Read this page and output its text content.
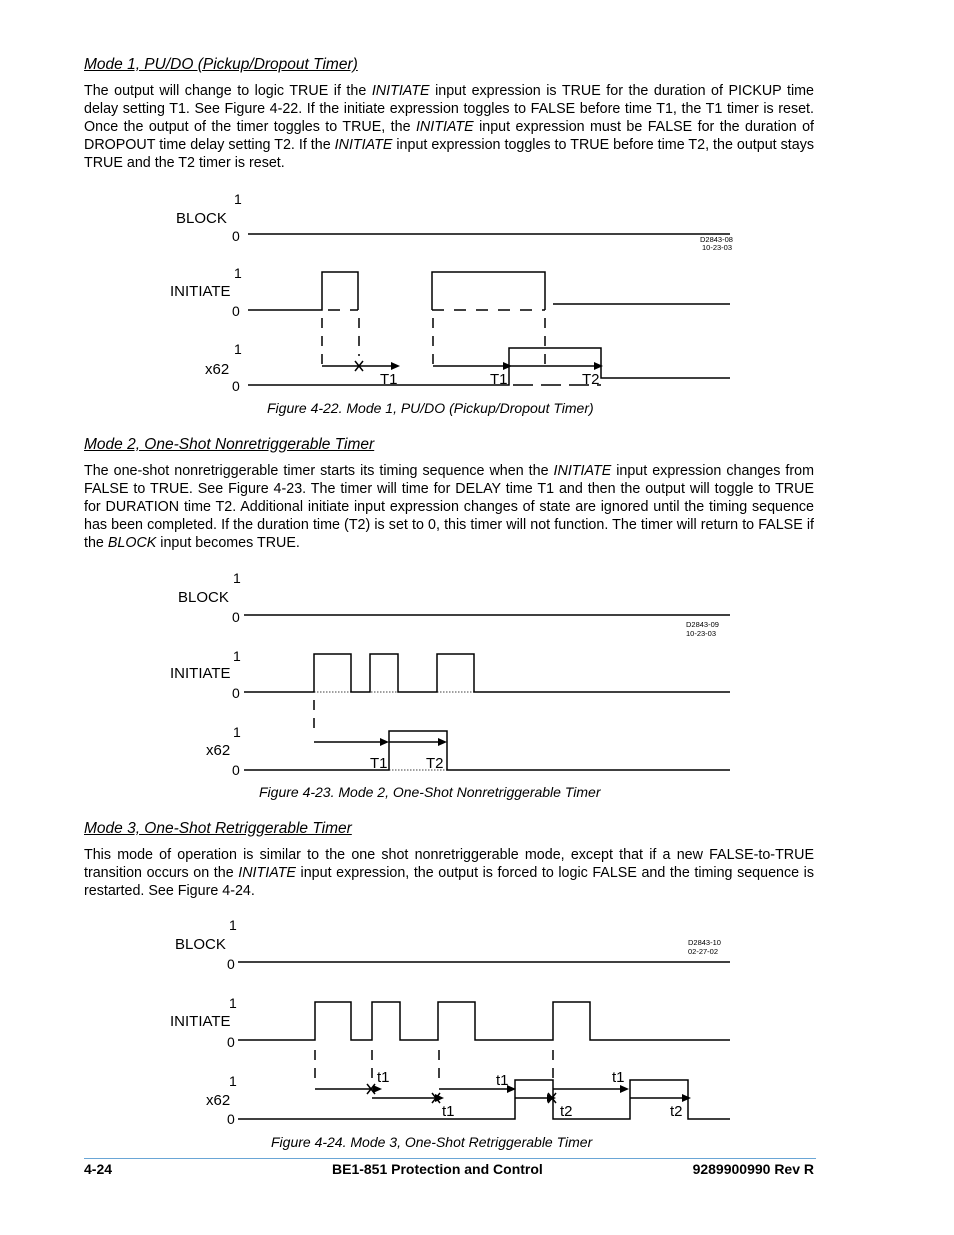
Mode 1, PU/DO (Pickup/Dropout Timer)
The output will change to logic TRUE if the INITIATE input expression is TRUE for the duration of PICKUP time delay setting T1. See Figure 4-22. If the initiate expression toggles to FALSE before time T1, the T1 timer is reset. Once the output of the timer toggles to TRUE, the INITIATE input expression must be FALSE for the duration of DROPOUT time delay setting T2. If the INITIATE input expression toggles to TRUE before time T2, the output stays TRUE and the T2 timer is reset.
1
BLOCK
0
1
INITIATE
0
1
x62
0
D2843-08
10-23-03
T1	T1	T2
Figure 4-22. Mode 1, PU/DO (Pickup/Dropout Timer)
Mode 2, One-Shot Nonretriggerable Timer
The one-shot nonretriggerable timer starts its timing sequence when the INITIATE input expression changes from FALSE to TRUE. See Figure 4-23. The timer will time for DELAY time T1 and then the output will toggle to TRUE for DURATION time T2. Additional initiate input expression changes of state are ignored until the timing sequence has been completed. If the duration time (T2) is set to 0, this timer will not function. The timer will return to FALSE if the BLOCK input becomes TRUE.
1
BLOCK
0
1
INITIATE
0
1
x62
0
D2843-09
10-23-03
T1	T2
Figure 4-23. Mode 2, One-Shot Nonretriggerable Timer
Mode 3, One-Shot Retriggerable Timer
This mode of operation is similar to the one shot nonretriggerable mode, except that if a new FALSE-to-TRUE transition occurs on the INITIATE input expression, the output is forced to logic FALSE and the timing sequence is restarted. See Figure 4-24.
1
BLOCK
0
1
INITIATE
0
1
x62
0
D2843-10
02-27-02
t1
t1
t1	t1
t2	t2
Figure 4-24. Mode 3, One-Shot Retriggerable Timer
4-24	BE1-851 Protection and Control	9289900990 Rev R
